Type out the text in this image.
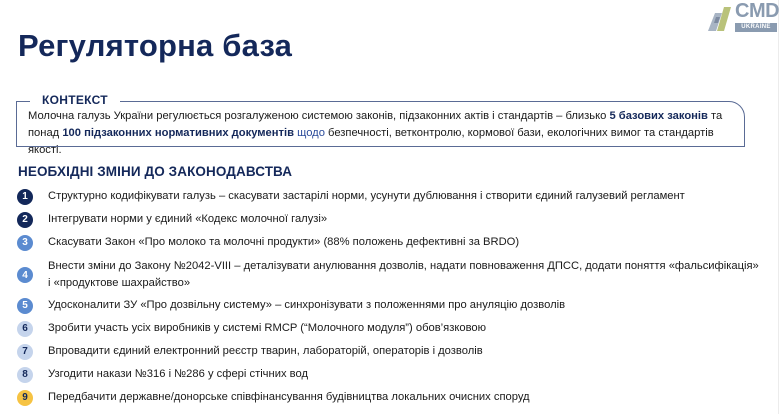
CMD
UKRAINE
Регуляторна база
КОНТЕКСТ

Молочна галузь України регулюється розгалуженою системою законів, підзаконних актів і стандартів – близько 5 базових законів та понад 100 підзаконних нормативних документів щодо безпечності, ветконтролю, кормової бази, екологічних вимог та стандартів якості.

НЕОБХІДНІ ЗМІНИ ДО ЗАКОНОДАВСТВА
1	Структурно кодифікувати галузь – скасувати застарілі норми, усунути дублювання і створити єдиний галузевий регламент
2	Інтегрувати норми у єдиний «Кодекс молочної галузі»
3	Скасувати Закон «Про молоко та молочні продукти» (88% положень дефективні за BRDO)
4
Внести зміни до Закону №2042-VIII – деталізувати анулювання дозволів, надати повноваження ДПСС, додати поняття «фальсифікація»
і «продуктове шахрайство»
5	Удосконалити ЗУ «Про дозвільну систему» – синхронізувати з положеннями про ануляцію дозволів
6	Зробити участь усіх виробників у системі RMCP (“Молочного модуля”) обов’язковою
7	Впровадити єдиний електронний реєстр тварин, лабораторій, операторів і дозволів
8	Узгодити накази №316 і №286 у сфері стічних вод
9	Передбачити державне/донорське співфінансування будівництва локальних очисних споруд
